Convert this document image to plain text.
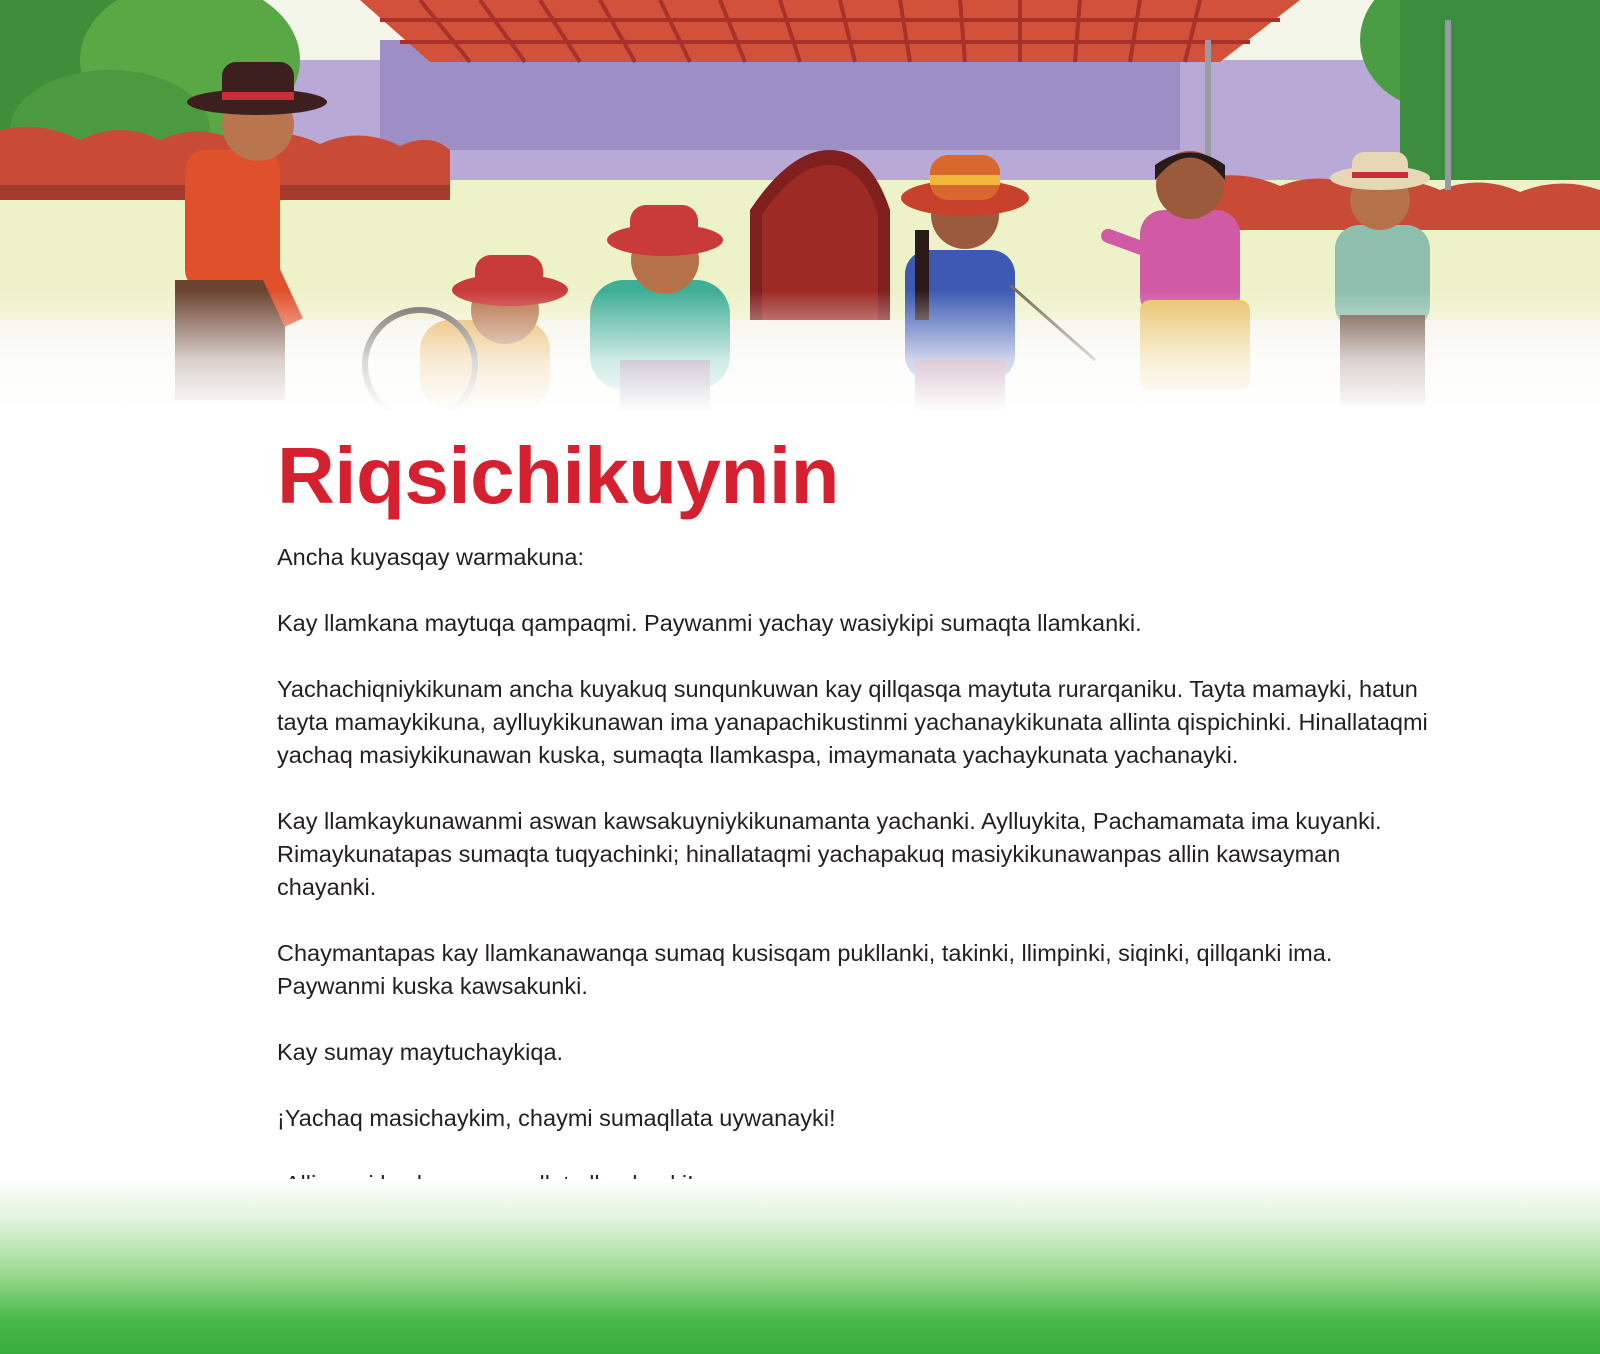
Riqsichikuynin

Ancha kuyasqay warmakuna:

Kay llamkana maytuqa qampaqmi. Paywanmi yachay wasiykipi sumaqta llamkanki.

Yachachiqniykikunam ancha kuyakuq sunqunkuwan kay qillqasqa maytuta rurarqaniku. Tayta mamayki, hatun tayta mamaykikuna, aylluykikunawan ima yanapachikustinmi yachanaykikunata allinta qispichinki. Hinallataqmi yachaq masiykikunawan kuska, sumaqta llamkaspa, imaymanata yachaykunata yachanayki.

Kay llamkaykunawanmi aswan kawsakuyniykikunamanta yachanki. Aylluykita, Pachamamata ima kuyanki. Rimaykunatapas sumaqta tuqyachinki; hinallataqmi yachapakuq masiykikunawanpas allin kawsayman chayanki.

Chaymantapas kay llamkanawanqa sumaq kusisqam pukllanki, takinki, llimpinki, siqinki, qillqanki ima. Paywanmi kuska kawsakunki.

Kay sumay maytuchaykiqa.

¡Yachaq masichaykim, chaymi sumaqllata uywanayki!
